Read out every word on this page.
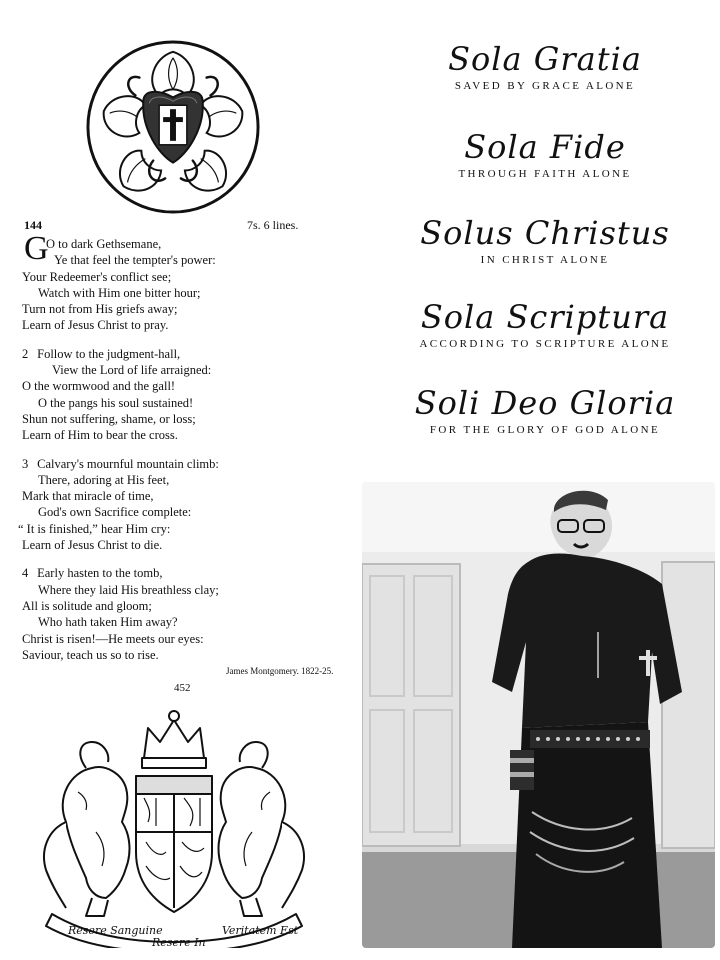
144	7s. 6 lines.
G
O to dark Gethsemane,
Ye that feel the tempter's power:
Your Redeemer's conflict see;
Watch with Him one bitter hour;
Turn not from His griefs away;
Learn of Jesus Christ to pray.
2 Follow to the judgment-hall,
View the Lord of life arraigned:
O the wormwood and the gall!
O the pangs his soul sustained!
Shun not suffering, shame, or loss;
Learn of Him to bear the cross.
3 Calvary's mournful mountain climb:
There, adoring at His feet,
Mark that miracle of time,
God's own Sacrifice complete:
“ It is finished,” hear Him cry:
Learn of Jesus Christ to die.
4 Early hasten to the tomb,
Where they laid His breathless clay;
All is solitude and gloom;
Who hath taken Him away?
Christ is risen!—He meets our eyes:
Saviour, teach us so to rise.
James Montgomery. 1822-25.
452
Resere Sanguine
Resere In
Veritatem Est
Sola Gratia
SAVED BY GRACE ALONE
Sola Fide
THROUGH FAITH ALONE
Solus Christus
IN CHRIST ALONE
Sola Scriptura
ACCORDING TO SCRIPTURE ALONE
Soli Deo Gloria
FOR THE GLORY OF GOD ALONE
